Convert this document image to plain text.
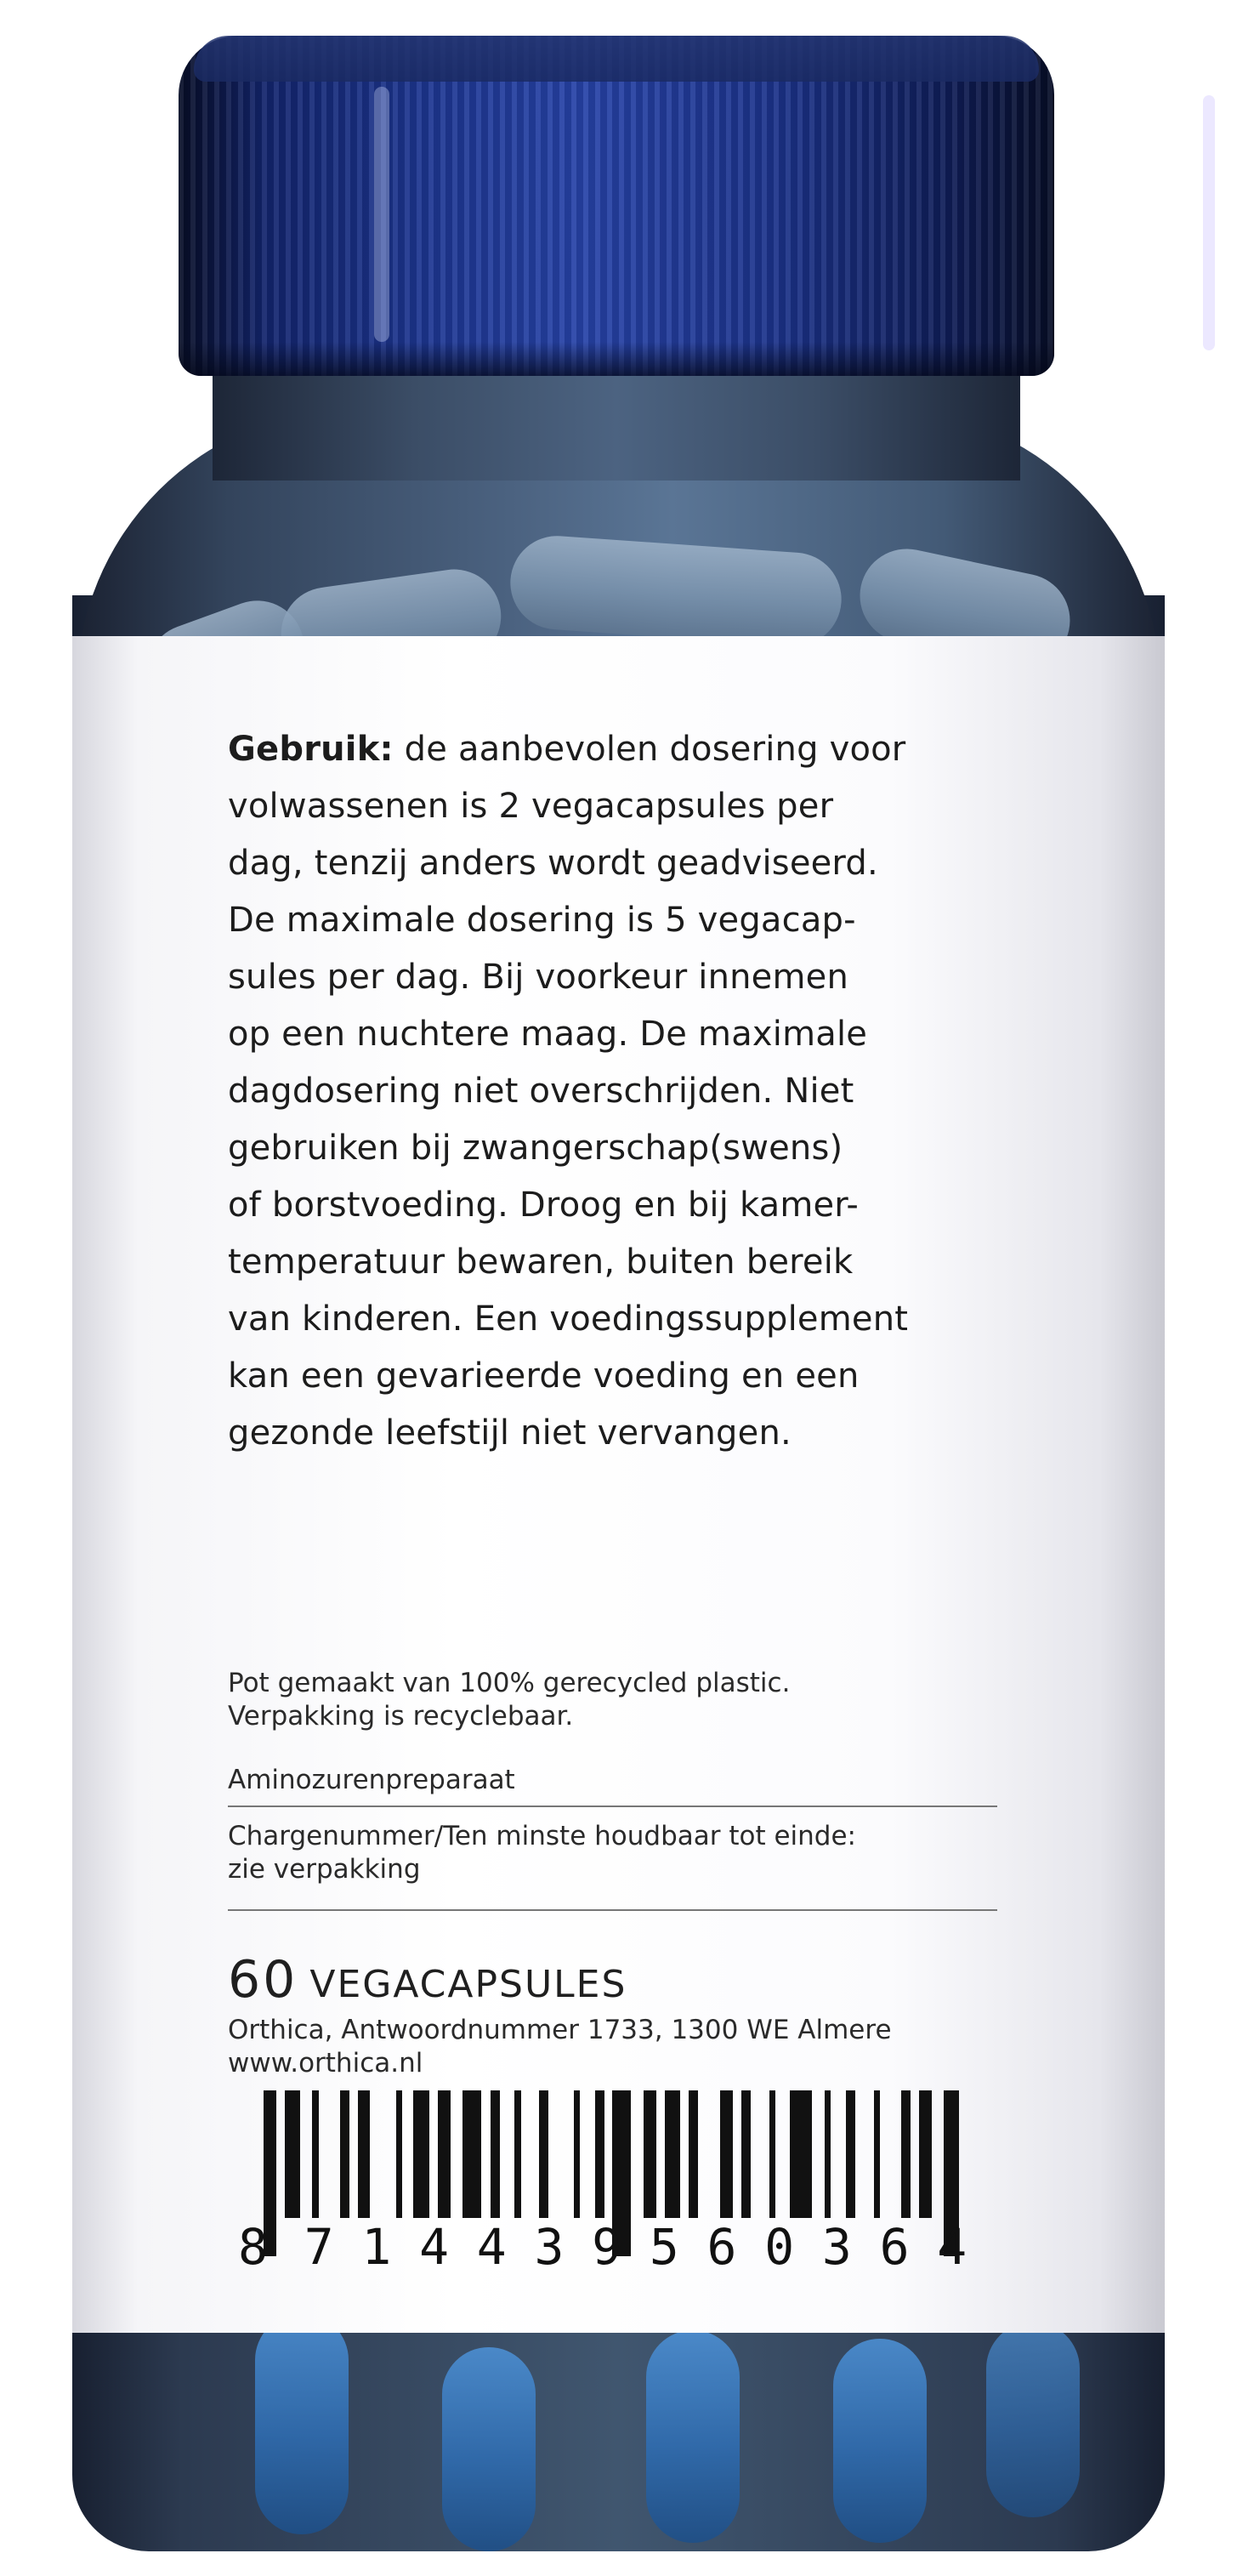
Gebruik: de aanbevolen dosering voor
volwassenen is 2 vegacapsules per
dag, tenzij anders wordt geadviseerd.
De maximale dosering is 5 vegacap-
sules per dag. Bij voorkeur innemen
op een nuchtere maag. De maximale
dagdosering niet overschrijden. Niet
gebruiken bij zwangerschap(swens)
of borstvoeding. Droog en bij kamer-
temperatuur bewaren, buiten bereik
van kinderen. Een voedingssupplement
kan een gevarieerde voeding en een
gezonde leefstijl niet vervangen.
Pot gemaakt van 100% gerecycled plastic.
Verpakking is recyclebaar.
Aminozurenpreparaat
Chargenummer/Ten minste houdbaar tot einde:
zie verpakking
60 VEGACAPSULES
Orthica, Antwoordnummer 1733, 1300 WE Almere
www.orthica.nl
8 7 1 4 4 3 9 5 6 0 3 6 4
